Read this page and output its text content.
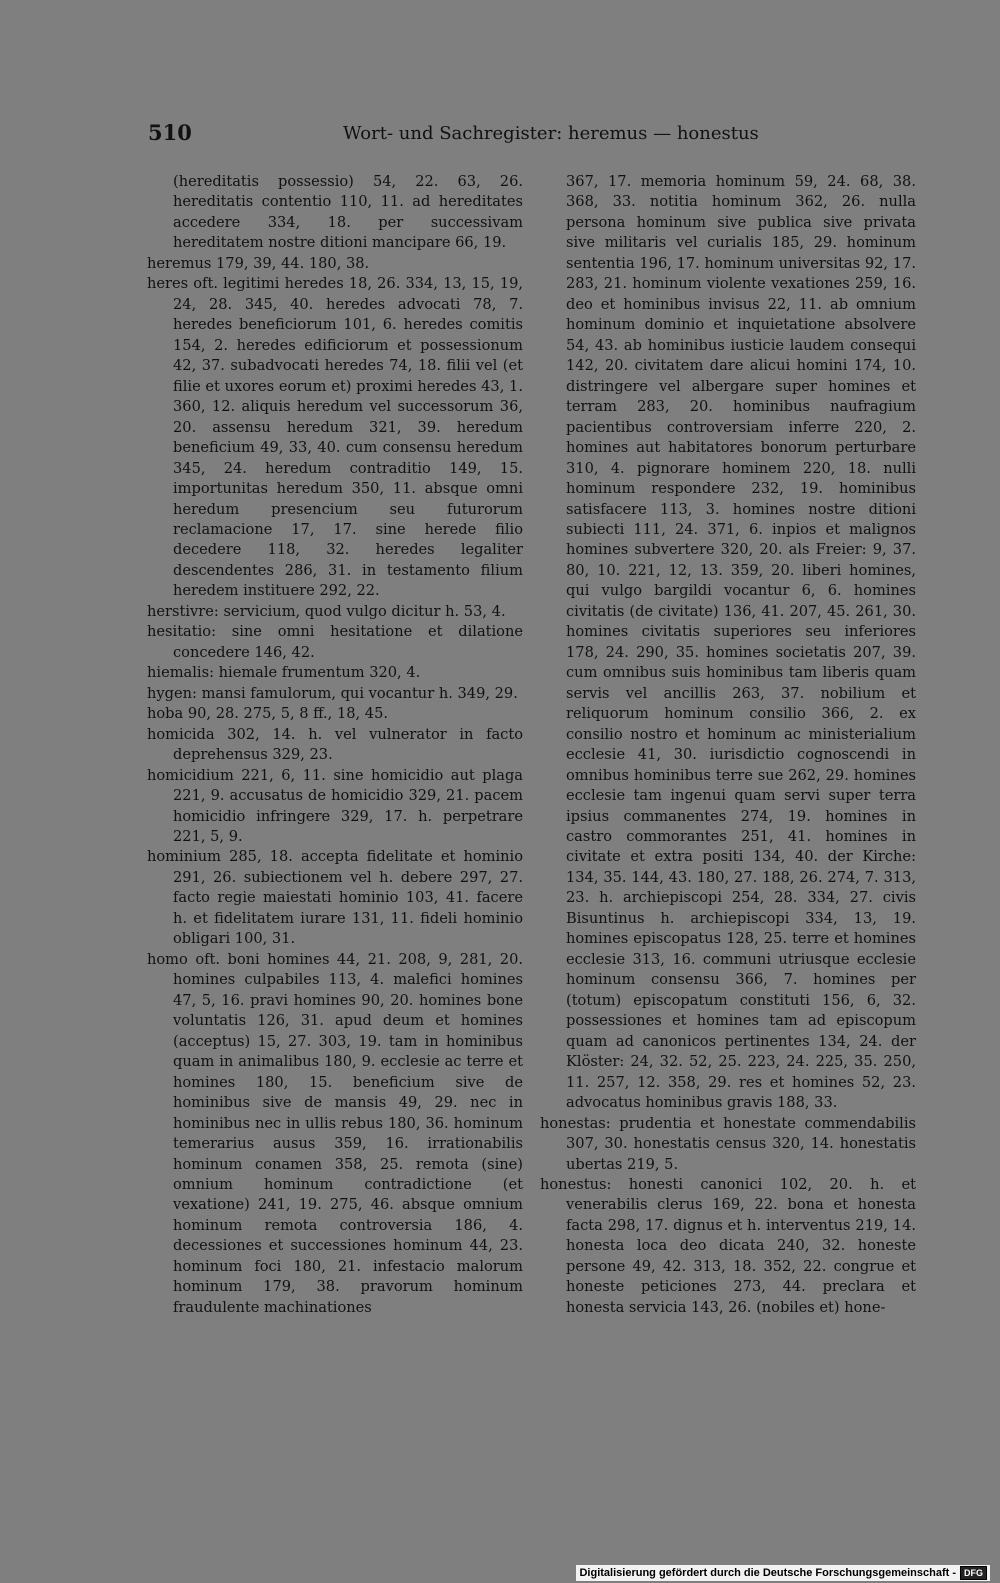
510	Wort- und Sachregister: heremus — honestus

(hereditatis possessio) 54, 22. 63, 26. hereditatis contentio 110, 11. ad hereditates accedere 334, 18. per successivam hereditatem nostre ditioni mancipare 66, 19.

heremus 179, 39, 44. 180, 38.

heres oft. legitimi heredes 18, 26. 334, 13, 15, 19, 24, 28. 345, 40. heredes advocati 78, 7. heredes beneficiorum 101, 6. heredes comitis 154, 2. heredes edificiorum et possessionum 42, 37. subadvocati heredes 74, 18. filii vel (et filie et uxores eorum et) proximi heredes 43, 1. 360, 12. aliquis heredum vel successorum 36, 20. assensu heredum 321, 39. heredum beneficium 49, 33, 40. cum consensu heredum 345, 24. heredum contraditio 149, 15. importunitas heredum 350, 11. absque omni heredum presencium seu futurorum reclamacione 17, 17. sine herede filio decedere 118, 32. heredes legaliter descendentes 286, 31. in testamento filium heredem instituere 292, 22.

herstivre: servicium, quod vulgo dicitur h. 53, 4.

hesitatio: sine omni hesitatione et dilatione concedere 146, 42.

hiemalis: hiemale frumentum 320, 4.

hygen: mansi famulorum, qui vocantur h. 349, 29.

hoba 90, 28. 275, 5, 8 ff., 18, 45.

homicida 302, 14. h. vel vulnerator in facto deprehensus 329, 23.

homicidium 221, 6, 11. sine homicidio aut plaga 221, 9. accusatus de homicidio 329, 21. pacem homicidio infringere 329, 17. h. perpetrare 221, 5, 9.

hominium 285, 18. accepta fidelitate et hominio 291, 26. subiectionem vel h. debere 297, 27. facto regie maiestati hominio 103, 41. facere h. et fidelitatem iurare 131, 11. fideli hominio obligari 100, 31.

homo oft. boni homines 44, 21. 208, 9, 281, 20. homines culpabiles 113, 4. malefici homines 47, 5, 16. pravi homines 90, 20. homines bone voluntatis 126, 31. apud deum et homines (acceptus) 15, 27. 303, 19. tam in hominibus quam in animalibus 180, 9. ecclesie ac terre et homines 180, 15. beneficium sive de hominibus sive de mansis 49, 29. nec in hominibus nec in ullis rebus 180, 36. hominum temerarius ausus 359, 16. irrationabilis hominum conamen 358, 25. remota (sine) omnium hominum contradictione (et vexatione) 241, 19. 275, 46. absque omnium hominum remota controversia 186, 4. decessiones et successiones hominum 44, 23. hominum foci 180, 21. infestacio malorum hominum 179, 38. pravorum hominum fraudulente machinationes

367, 17. memoria hominum 59, 24. 68, 38. 368, 33. notitia hominum 362, 26. nulla persona hominum sive publica sive privata sive militaris vel curialis 185, 29. hominum sententia 196, 17. hominum universitas 92, 17. 283, 21. hominum violente vexationes 259, 16. deo et hominibus invisus 22, 11. ab omnium hominum dominio et inquietatione absolvere 54, 43. ab hominibus iusticie laudem consequi 142, 20. civitatem dare alicui homini 174, 10. distringere vel albergare super homines et terram 283, 20. hominibus naufragium pacientibus controversiam inferre 220, 2. homines aut habitatores bonorum perturbare 310, 4. pignorare hominem 220, 18. nulli hominum respondere 232, 19. hominibus satisfacere 113, 3. homines nostre ditioni subiecti 111, 24. 371, 6. inpios et malignos homines subvertere 320, 20. als Freier: 9, 37. 80, 10. 221, 12, 13. 359, 20. liberi homines, qui vulgo bargildi vocantur 6, 6. homines civitatis (de civitate) 136, 41. 207, 45. 261, 30. homines civitatis superiores seu inferiores 178, 24. 290, 35. homines societatis 207, 39. cum omnibus suis hominibus tam liberis quam servis vel ancillis 263, 37. nobilium et reliquorum hominum consilio 366, 2. ex consilio nostro et hominum ac ministerialium ecclesie 41, 30. iurisdictio cognoscendi in omnibus hominibus terre sue 262, 29. homines ecclesie tam ingenui quam servi super terra ipsius commanentes 274, 19. homines in castro commorantes 251, 41. homines in civitate et extra positi 134, 40. der Kirche: 134, 35. 144, 43. 180, 27. 188, 26. 274, 7. 313, 23. h. archiepiscopi 254, 28. 334, 27. civis Bisuntinus h. archiepiscopi 334, 13, 19. homines episcopatus 128, 25. terre et homines ecclesie 313, 16. communi utriusque ecclesie hominum consensu 366, 7. homines per (totum) episcopatum constituti 156, 6, 32. possessiones et homines tam ad episcopum quam ad canonicos pertinentes 134, 24. der Klöster: 24, 32. 52, 25. 223, 24. 225, 35. 250, 11. 257, 12. 358, 29. res et homines 52, 23. advocatus hominibus gravis 188, 33.

honestas: prudentia et honestate commendabilis 307, 30. honestatis census 320, 14. honestatis ubertas 219, 5.

honestus: honesti canonici 102, 20. h. et venerabilis clerus 169, 22. bona et honesta facta 298, 17. dignus et h. interventus 219, 14. honesta loca deo dicata 240, 32. honeste persone 49, 42. 313, 18. 352, 22. congrue et honeste peticiones 273, 44. preclara et honesta servicia 143, 26. (nobiles et) hone-

Digitalisierung gefördert durch die Deutsche Forschungsgemeinschaft - DFG
